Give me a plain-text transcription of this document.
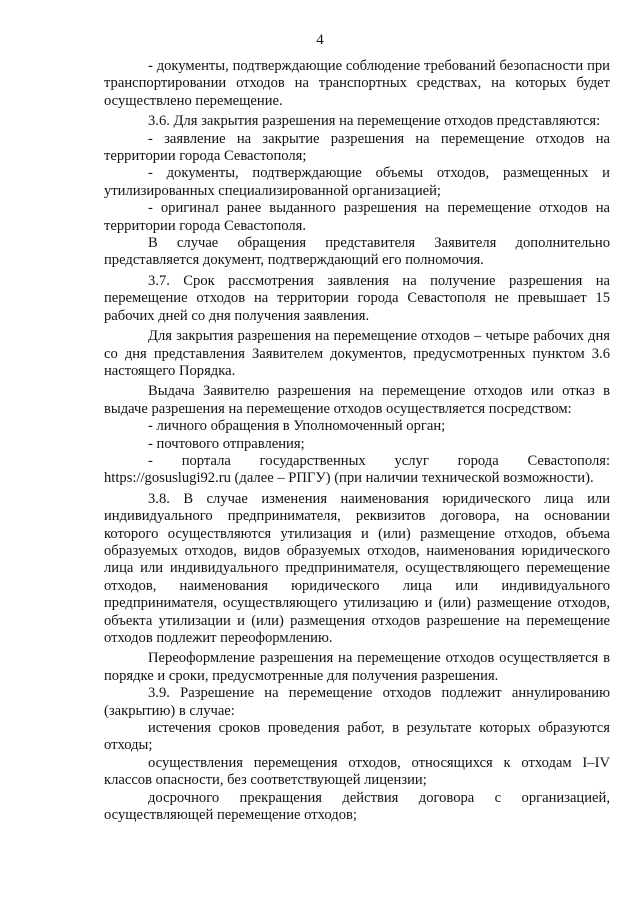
4

- документы, подтверждающие соблюдение требований безопасности при транспортировании отходов на транспортных средствах, на которых будет осуществлено перемещение.

3.6. Для закрытия разрешения на перемещение отходов представляются:

- заявление на закрытие разрешения на перемещение отходов на территории города Севастополя;

- документы, подтверждающие объемы отходов, размещенных и утилизированных специализированной организацией;

- оригинал ранее выданного разрешения на перемещение отходов на территории города Севастополя.

В случае обращения представителя Заявителя дополнительно представляется документ, подтверждающий его полномочия.

3.7. Срок рассмотрения заявления на получение разрешения на перемещение отходов на территории города Севастополя не превышает 15 рабочих дней со дня получения заявления.

Для закрытия разрешения на перемещение отходов – четыре рабочих дня со дня представления Заявителем документов, предусмотренных пунктом 3.6 настоящего Порядка.

Выдача Заявителю разрешения на перемещение отходов или отказ в выдаче разрешения на перемещение отходов осуществляется посредством:

- личного обращения в Уполномоченный орган;

- почтового отправления;

- портала государственных услуг города Севастополя: https://gosuslugi92.ru (далее – РПГУ) (при наличии технической возможности).

3.8. В случае изменения наименования юридического лица или индивидуального предпринимателя, реквизитов договора, на основании которого осуществляются утилизация и (или) размещение отходов, объема образуемых отходов, видов образуемых отходов, наименования юридического лица или индивидуального предпринимателя, осуществляющего перемещение отходов, наименования юридического лица или индивидуального предпринимателя, осуществляющего утилизацию и (или) размещение отходов, объекта утилизации и (или) размещения отходов разрешение на перемещение отходов подлежит переоформлению.

Переоформление разрешения на перемещение отходов осуществляется в порядке и сроки, предусмотренные для получения разрешения.

3.9. Разрешение на перемещение отходов подлежит аннулированию (закрытию) в случае:

истечения сроков проведения работ, в результате которых образуются отходы;

осуществления перемещения отходов, относящихся к отходам I–IV классов опасности, без соответствующей лицензии;

досрочного прекращения действия договора с организацией, осуществляющей перемещение отходов;
